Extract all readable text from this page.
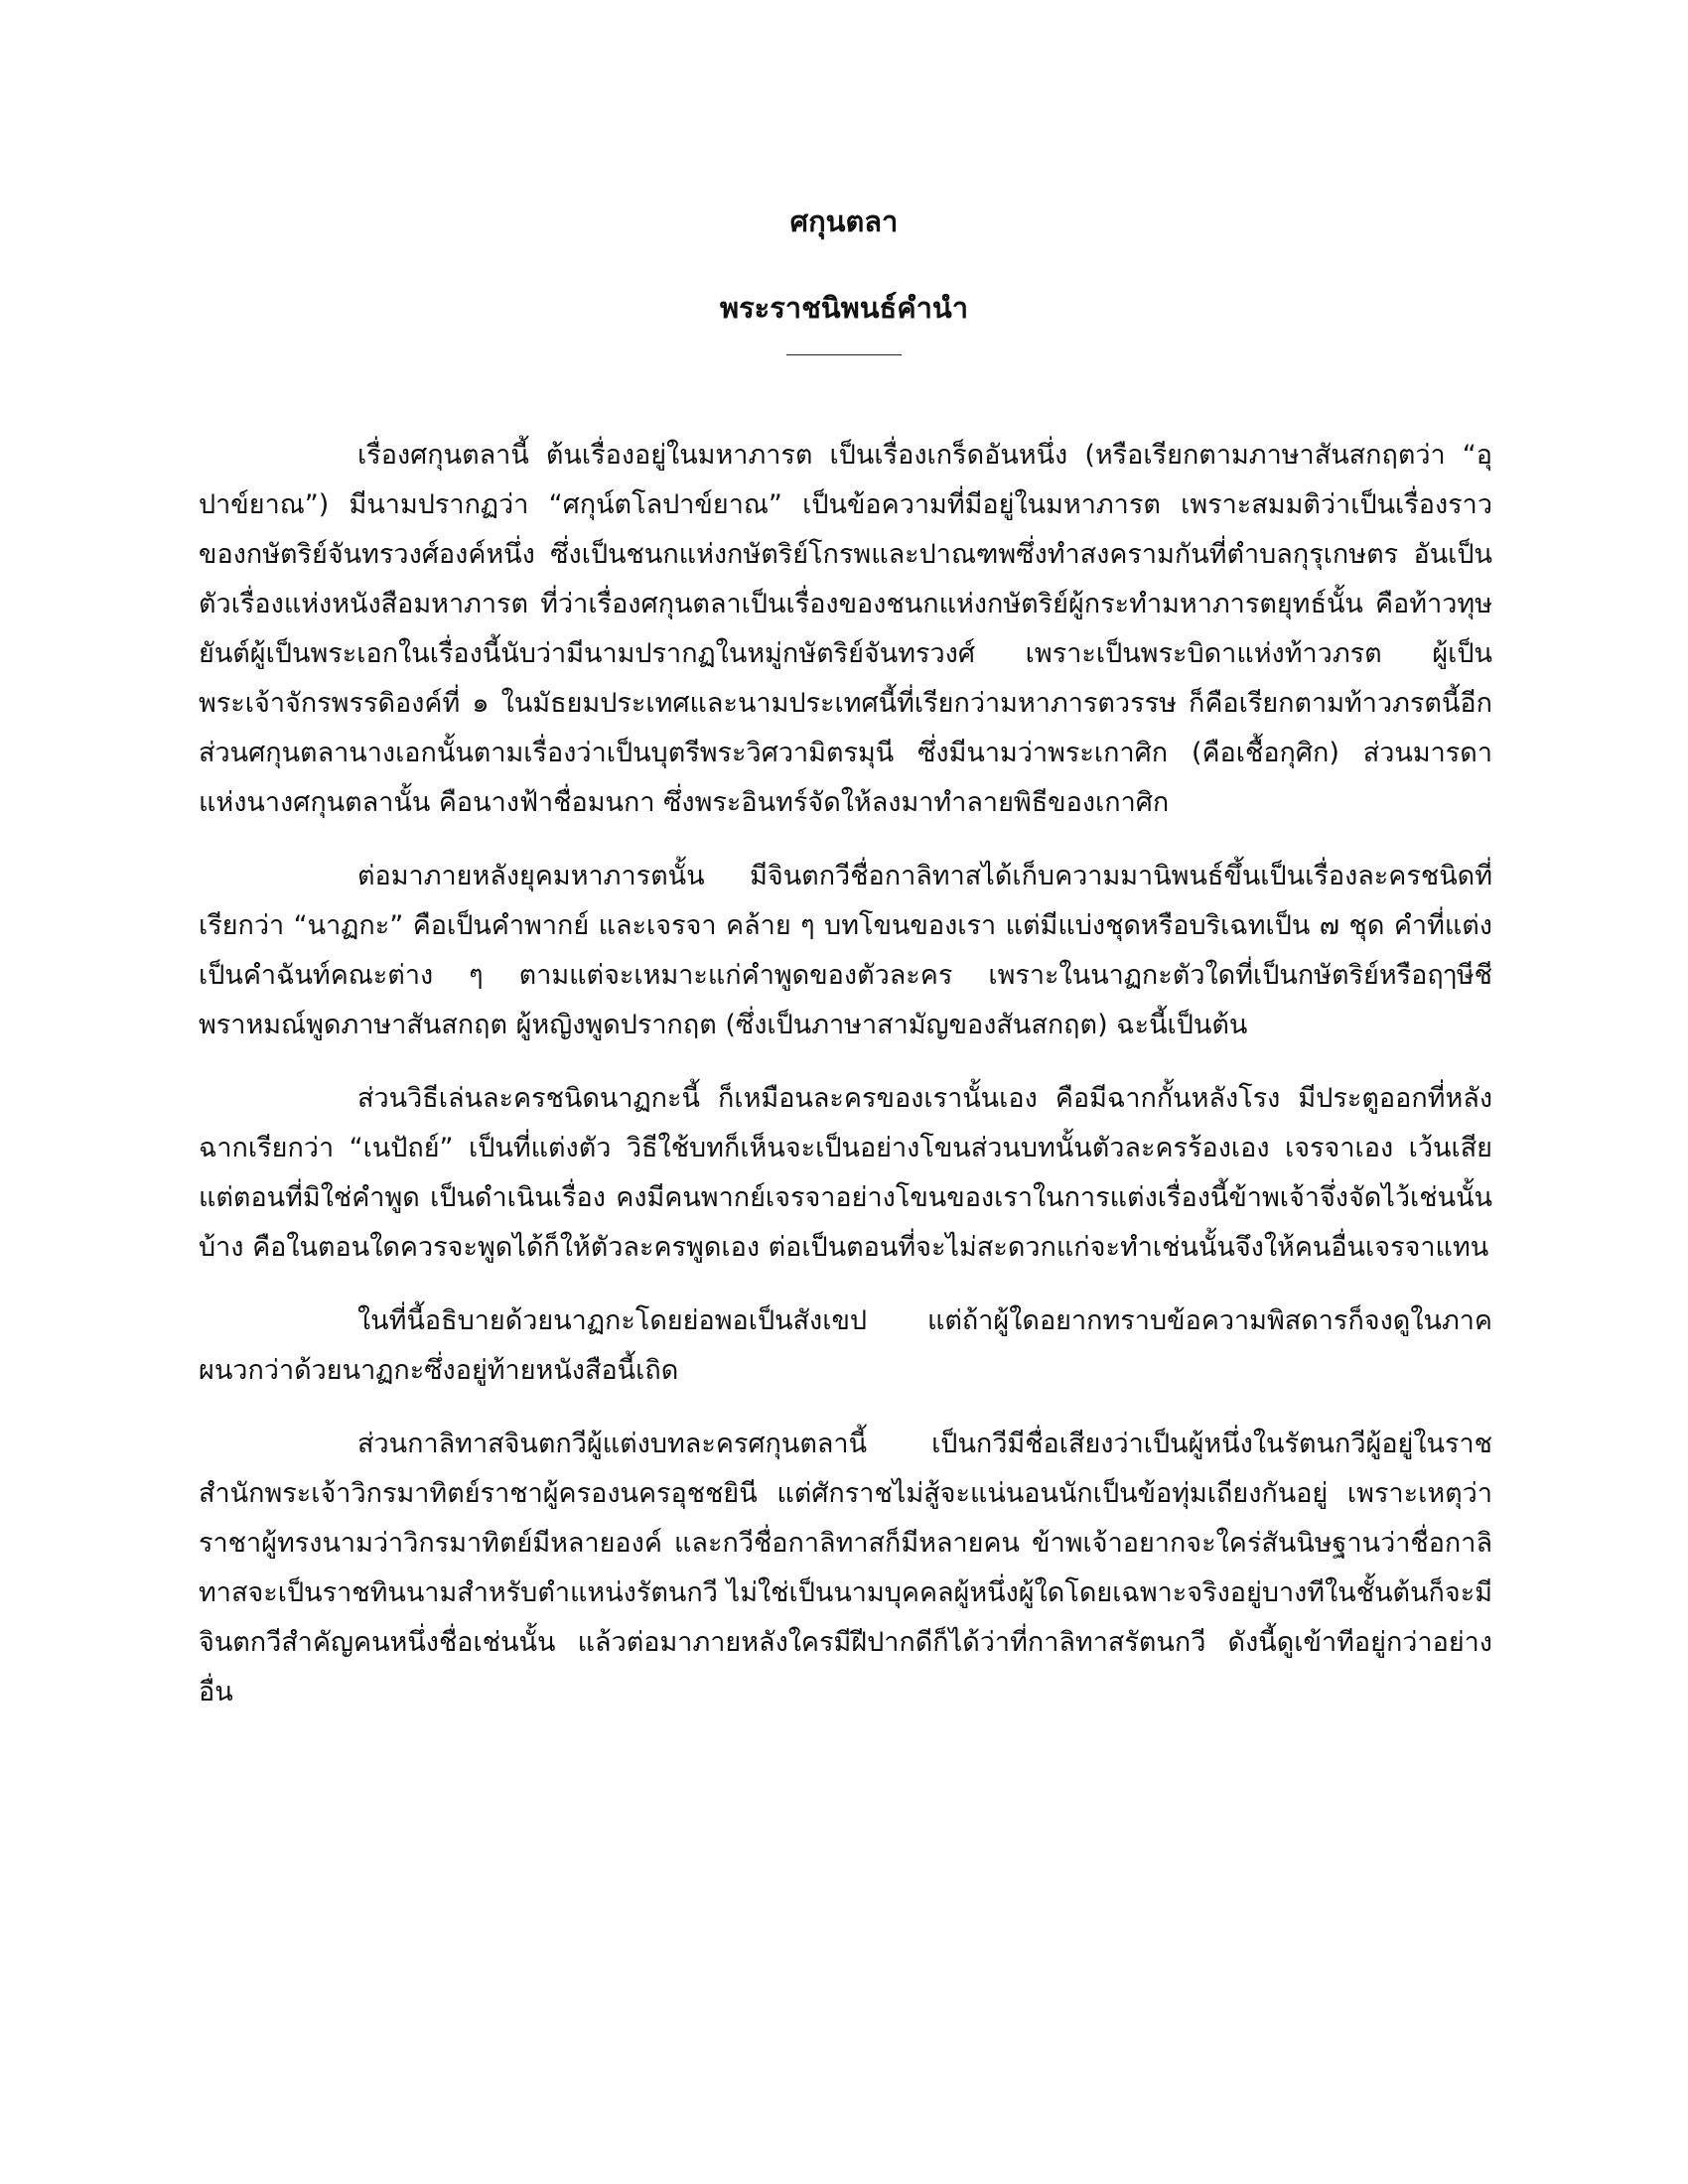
ศกุนตลา
พระราชนิพนธ์คำนำ

เรื่องศกุนตลานี้ ต้นเรื่องอยู่ในมหาภารต เป็นเรื่องเกร็ดอันหนึ่ง (หรือเรียกตามภาษาสันสกฤตว่า “อุปาข์ยาณ”) มีนามปรากฏว่า “ศกุน์ตโลปาข์ยาณ” เป็นข้อความที่มีอยู่ในมหาภารต เพราะสมมติว่าเป็นเรื่องราวของกษัตริย์จันทรวงศ์องค์หนึ่ง ซึ่งเป็นชนกแห่งกษัตริย์โกรพและปาณฑพซึ่งทำสงครามกันที่ตำบลกุรุเกษตร อันเป็นตัวเรื่องแห่งหนังสือมหาภารต ที่ว่าเรื่องศกุนตลาเป็นเรื่องของชนกแห่งกษัตริย์ผู้กระทำมหาภารตยุทธ์นั้น คือท้าวทุษยันต์ผู้เป็นพระเอกในเรื่องนี้นับว่ามีนามปรากฏในหมู่กษัตริย์จันทรวงศ์ เพราะเป็นพระบิดาแห่งท้าวภรต ผู้เป็นพระเจ้าจักรพรรดิองค์ที่ ๑ ในมัธยมประเทศและนามประเทศนี้ที่เรียกว่ามหาภารตวรรษ ก็คือเรียกตามท้าวภรตนี้อีก ส่วนศกุนตลานางเอกนั้นตามเรื่องว่าเป็นบุตรีพระวิศวามิตรมุนี ซึ่งมีนามว่าพระเกาศิก (คือเชื้อกุศิก) ส่วนมารดาแห่งนางศกุนตลานั้น คือนางฟ้าชื่อมนกา ซึ่งพระอินทร์จัดให้ลงมาทำลายพิธีของเกาศิก

ต่อมาภายหลังยุคมหาภารตนั้น มีจินตกวีชื่อกาลิทาสได้เก็บความมานิพนธ์ขึ้นเป็นเรื่องละครชนิดที่เรียกว่า “นาฏกะ” คือเป็นคำพากย์ และเจรจา คล้าย ๆ บทโขนของเรา แต่มีแบ่งชุดหรือบริเฉทเป็น ๗ ชุด คำที่แต่งเป็นคำฉันท์คณะต่าง ๆ ตามแต่จะเหมาะแก่คำพูดของตัวละคร เพราะในนาฏกะตัวใดที่เป็นกษัตริย์หรือฤๅษีชีพราหมณ์พูดภาษาสันสกฤต ผู้หญิงพูดปรากฤต (ซึ่งเป็นภาษาสามัญของสันสกฤต) ฉะนี้เป็นต้น

ส่วนวิธีเล่นละครชนิดนาฏกะนี้ ก็เหมือนละครของเรานั้นเอง คือมีฉากกั้นหลังโรง มีประตูออกที่หลังฉากเรียกว่า “เนปัถย์” เป็นที่แต่งตัว วิธีใช้บทก็เห็นจะเป็นอย่างโขนส่วนบทนั้นตัวละครร้องเอง เจรจาเอง เว้นเสียแต่ตอนที่มิใช่คำพูด เป็นดำเนินเรื่อง คงมีคนพากย์เจรจาอย่างโขนของเราในการแต่งเรื่องนี้ข้าพเจ้าจึ่งจัดไว้เช่นนั้นบ้าง คือในตอนใดควรจะพูดได้ก็ให้ตัวละครพูดเอง ต่อเป็นตอนที่จะไม่สะดวกแก่จะทำเช่นนั้นจึงให้คนอื่นเจรจาแทน

ในที่นี้อธิบายด้วยนาฏกะโดยย่อพอเป็นสังเขป แต่ถ้าผู้ใดอยากทราบข้อความพิสดารก็จงดูในภาคผนวกว่าด้วยนาฏกะซึ่งอยู่ท้ายหนังสือนี้เถิด

ส่วนกาลิทาสจินตกวีผู้แต่งบทละครศกุนตลานี้ เป็นกวีมีชื่อเสียงว่าเป็นผู้หนึ่งในรัตนกวีผู้อยู่ในราชสำนักพระเจ้าวิกรมาทิตย์ราชาผู้ครองนครอุชชยินี แต่ศักราชไม่สู้จะแน่นอนนักเป็นข้อทุ่มเถียงกันอยู่ เพราะเหตุว่าราชาผู้ทรงนามว่าวิกรมาทิตย์มีหลายองค์ และกวีชื่อกาลิทาสก็มีหลายคน ข้าพเจ้าอยากจะใคร่สันนิษฐานว่าชื่อกาลิทาสจะเป็นราชทินนามสำหรับตำแหน่งรัตนกวี ไม่ใช่เป็นนามบุคคลผู้หนึ่งผู้ใดโดยเฉพาะจริงอยู่บางทีในชั้นต้นก็จะมีจินตกวีสำคัญคนหนึ่งชื่อเช่นนั้น แล้วต่อมาภายหลังใครมีฝีปากดีก็ได้ว่าที่กาลิทาสรัตนกวี ดังนี้ดูเข้าทีอยู่กว่าอย่างอื่น
